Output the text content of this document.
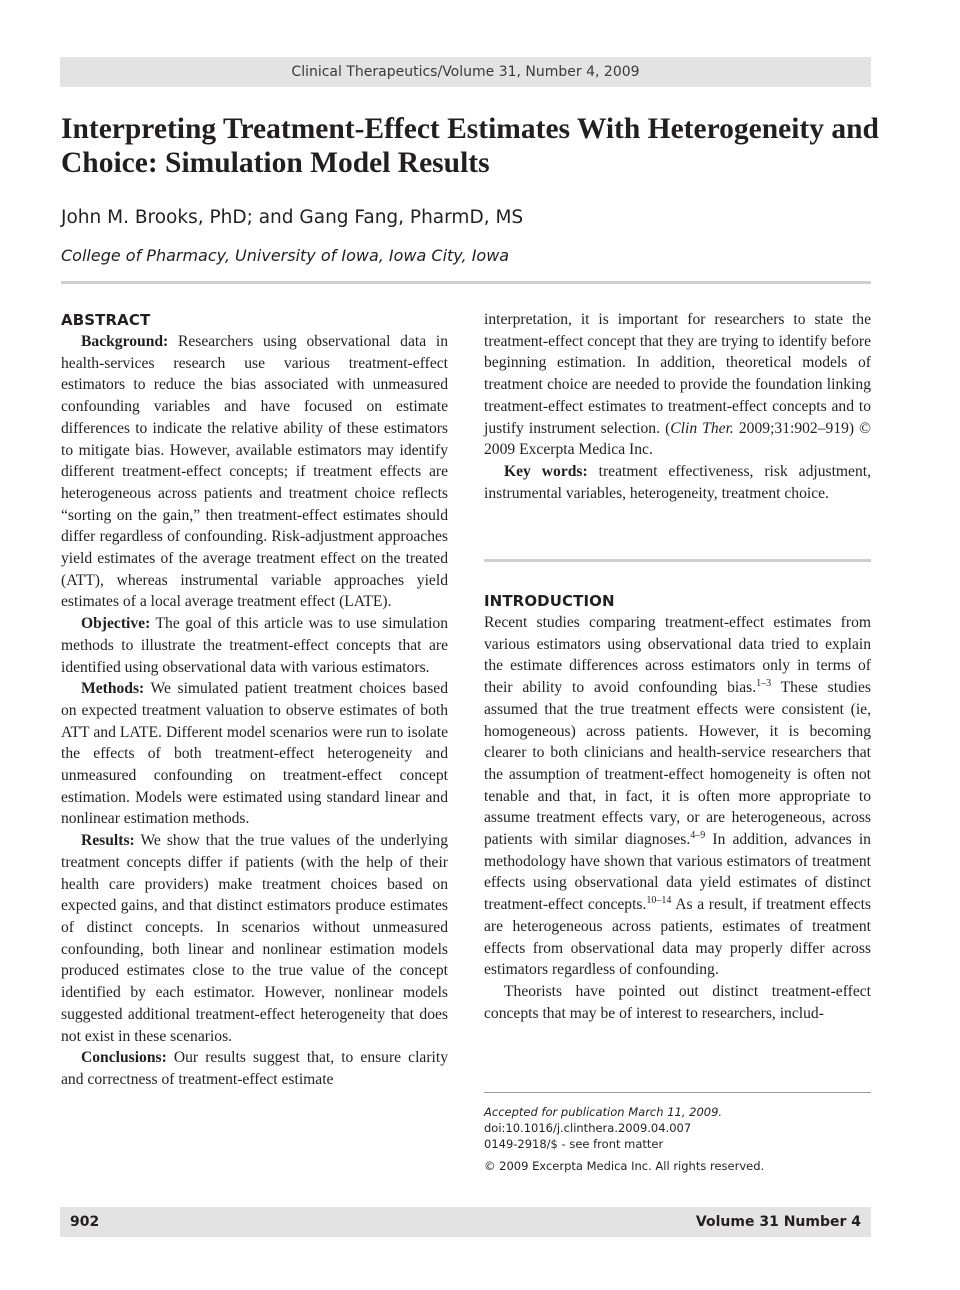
Clinical Therapeutics/Volume 31, Number 4, 2009
Interpreting Treatment-Effect Estimates With Heterogeneity and Choice: Simulation Model Results
John M. Brooks, PhD; and Gang Fang, PharmD, MS
College of Pharmacy, University of Iowa, Iowa City, Iowa
ABSTRACT

Background: Researchers using observational data in health-services research use various treatment-effect estimators to reduce the bias associated with unmeasured confounding variables and have focused on estimate differences to indicate the relative ability of these estimators to mitigate bias. However, available estimators may identify different treatment-effect concepts; if treatment effects are heterogeneous across patients and treatment choice reflects “sorting on the gain,” then treatment-effect estimates should differ regardless of confounding. Risk-adjustment approaches yield estimates of the average treatment effect on the treated (ATT), whereas instrumental variable approaches yield estimates of a local average treatment effect (LATE).

Objective: The goal of this article was to use simulation methods to illustrate the treatment-effect concepts that are identified using observational data with various estimators.

Methods: We simulated patient treatment choices based on expected treatment valuation to observe estimates of both ATT and LATE. Different model scenarios were run to isolate the effects of both treatment-effect heterogeneity and unmeasured confounding on treatment-effect concept estimation. Models were estimated using standard linear and nonlinear estimation methods.

Results: We show that the true values of the underlying treatment concepts differ if patients (with the help of their health care providers) make treatment choices based on expected gains, and that distinct estimators produce estimates of distinct concepts. In scenarios without unmeasured confounding, both linear and nonlinear estimation models produced estimates close to the true value of the concept identified by each estimator. However, nonlinear models suggested additional treatment-effect heterogeneity that does not exist in these scenarios.

Conclusions: Our results suggest that, to ensure clarity and correctness of treatment-effect estimate

interpretation, it is important for researchers to state the treatment-effect concept that they are trying to identify before beginning estimation. In addition, theoretical models of treatment choice are needed to provide the foundation linking treatment-effect estimates to treatment-effect concepts and to justify instrument selection. (Clin Ther. 2009;31:902–919) © 2009 Excerpta Medica Inc.

Key words: treatment effectiveness, risk adjustment, instrumental variables, heterogeneity, treatment choice.

INTRODUCTION

Recent studies comparing treatment-effect estimates from various estimators using observational data tried to explain the estimate differences across estimators only in terms of their ability to avoid confounding bias.$^{1-3}$ These studies assumed that the true treatment effects were consistent (ie, homogeneous) across patients. However, it is becoming clearer to both clinicians and health-service researchers that the assumption of treatment-effect homogeneity is often not tenable and that, in fact, it is often more appropriate to assume treatment effects vary, or are heterogeneous, across patients with similar diagnoses.$^{4-9}$ In addition, advances in methodology have shown that various estimators of treatment effects using observational data yield estimates of distinct treatment-effect concepts.$^{10-14}$ As a result, if treatment effects are heterogeneous across patients, estimates of treatment effects from observational data may properly differ across estimators regardless of confounding.

Theorists have pointed out distinct treatment-effect concepts that may be of interest to researchers, includ-

Accepted for publication March 11, 2009.
doi:10.1016/j.clinthera.2009.04.007
0149-2918/$ - see front matter
© 2009 Excerpta Medica Inc. All rights reserved.
902	Volume 31 Number 4
